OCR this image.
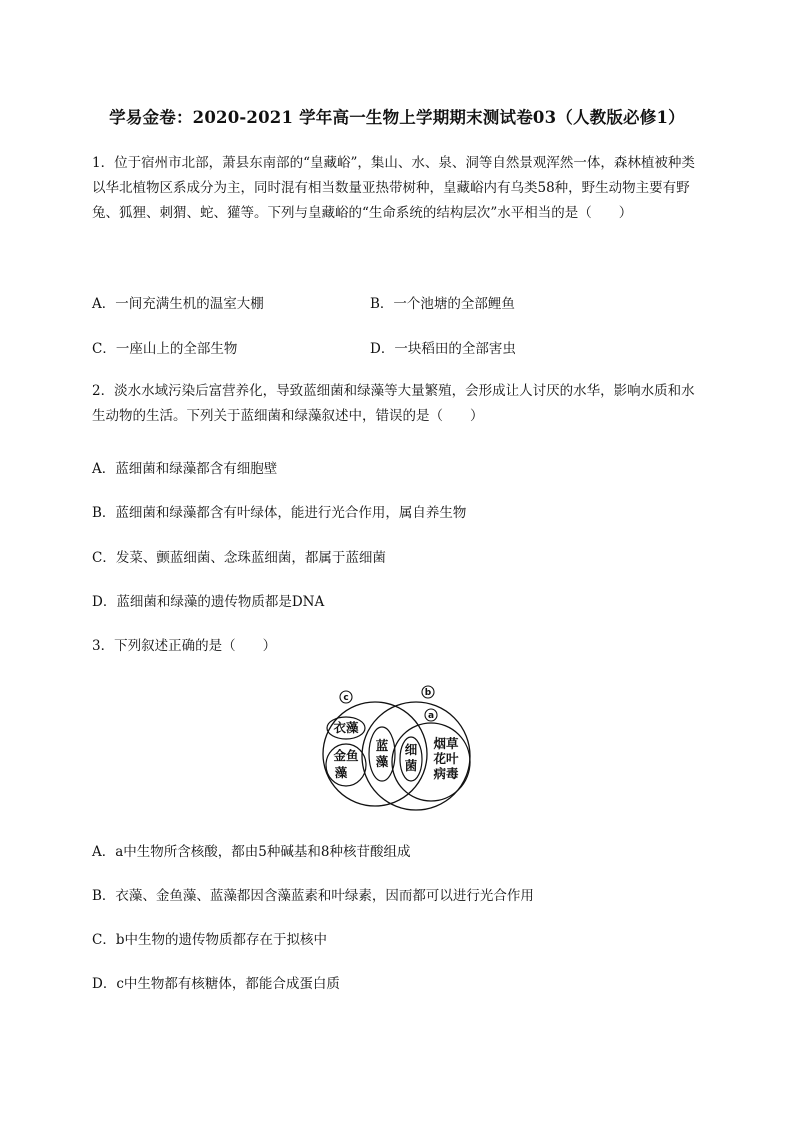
学易金卷：2020-2021 学年高一生物上学期期末测试卷03（人教版必修1）
1．位于宿州市北部，萧县东南部的“皇藏峪”，集山、水、泉、洞等自然景观浑然一体，森林植被种类以华北植物区系成分为主，同时混有相当数量亚热带树种，皇藏峪内有乌类58种，野生动物主要有野兔、狐狸、刺猬、蛇、獾等。下列与皇藏峪的“生命系统的结构层次”水平相当的是（　　）
A．一间充满生机的温室大棚	B．一个池塘的全部鲤鱼
C．一座山上的全部生物	D．一块稻田的全部害虫
2．淡水水域污染后富营养化，导致蓝细菌和绿藻等大量繁殖，会形成让人讨厌的水华，影响水质和水生动物的生活。下列关于蓝细菌和绿藻叙述中，错误的是（　　）
A．蓝细菌和绿藻都含有细胞壁
B．蓝细菌和绿藻都含有叶绿体，能进行光合作用，属自养生物
C．发菜、颤蓝细菌、念珠蓝细菌，都属于蓝细菌
D．蓝细菌和绿藻的遗传物质都是DNA
3．下列叙述正确的是（　　）
c	b
a
衣藻
金鱼
藻
蓝
藻
细
菌
烟草
花叶
病毒
A．a中生物所含核酸，都由5种碱基和8种核苷酸组成
B．衣藻、金鱼藻、蓝藻都因含藻蓝素和叶绿素，因而都可以进行光合作用
C．b中生物的遗传物质都存在于拟核中
D．c中生物都有核糖体，都能合成蛋白质
